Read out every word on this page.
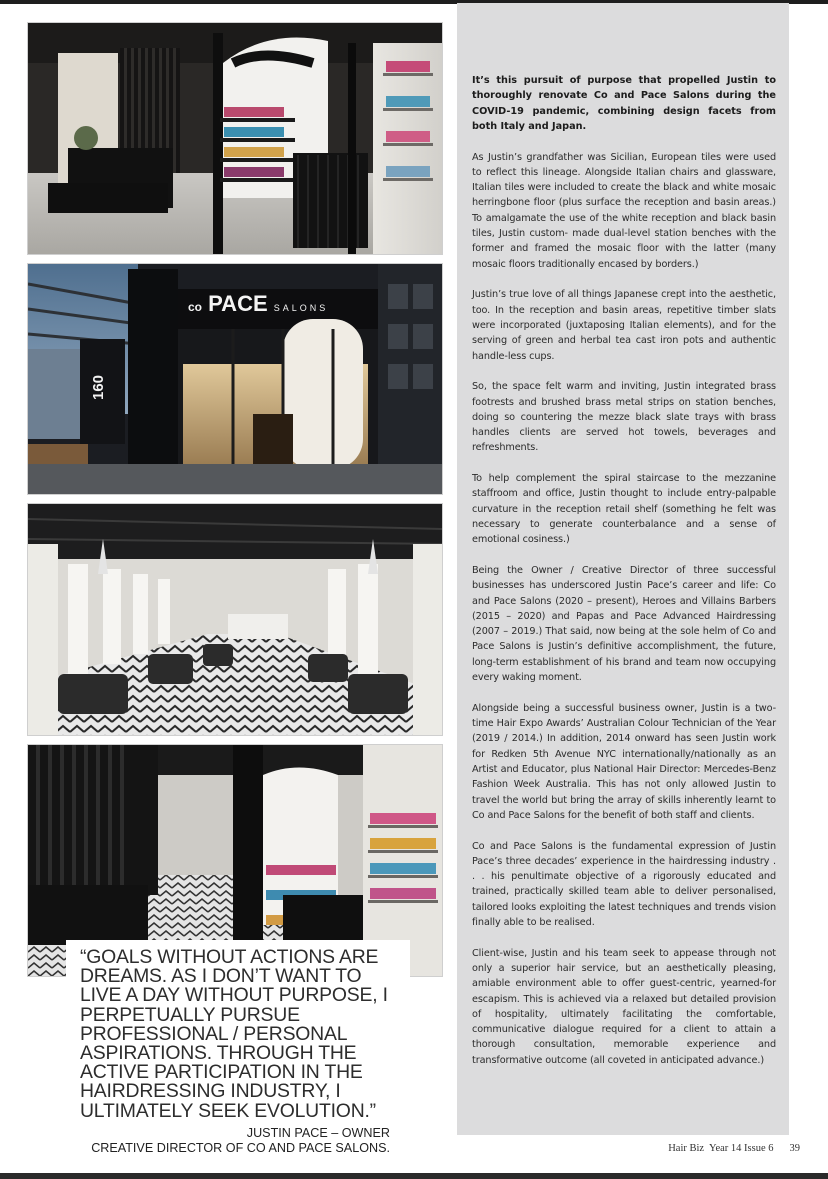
co PACE SALONS
160

“GOALS WITHOUT ACTIONS ARE DREAMS. AS I DON’T WANT TO LIVE A DAY WITHOUT PURPOSE, I PERPETUALLY PURSUE PROFESSIONAL / PERSONAL ASPIRATIONS. THROUGH THE ACTIVE PARTICIPATION IN THE HAIRDRESSING INDUSTRY, I ULTIMATELY SEEK EVOLUTION.”

JUSTIN PACE – OWNER
CREATIVE DIRECTOR OF CO AND PACE SALONS.

It’s this pursuit of purpose that propelled Justin to thoroughly renovate Co and Pace Salons during the COVID-19 pandemic, combining design facets from both Italy and Japan.

As Justin’s grandfather was Sicilian, European tiles were used to reflect this lineage. Alongside Italian chairs and glassware, Italian tiles were included to create the black and white mosaic herringbone floor (plus surface the reception and basin areas.) To amalgamate the use of the white reception and black basin tiles, Justin custom- made dual-level station benches with the former and framed the mosaic floor with the latter (many mosaic floors traditionally encased by borders.)

Justin’s true love of all things Japanese crept into the aesthetic, too. In the reception and basin areas, repetitive timber slats were incorporated (juxtaposing Italian elements), and for the serving of green and herbal tea cast iron pots and authentic handle-less cups.

So, the space felt warm and inviting, Justin integrated brass footrests and brushed brass metal strips on station benches, doing so countering the mezze black slate trays with brass handles clients are served hot towels, beverages and refreshments.

To help complement the spiral staircase to the mezzanine staffroom and office, Justin thought to include entry-palpable curvature in the reception retail shelf (something he felt was necessary to generate counterbalance and a sense of emotional cosiness.)

Being the Owner / Creative Director of three successful businesses has underscored Justin Pace’s career and life: Co and Pace Salons (2020 – present), Heroes and Villains Barbers (2015 – 2020) and Papas and Pace Advanced Hairdressing (2007 – 2019.) That said, now being at the sole helm of Co and Pace Salons is Justin’s definitive accomplishment, the future, long-term establishment of his brand and team now occupying every waking moment.

Alongside being a successful business owner, Justin is a two-time Hair Expo Awards’ Australian Colour Technician of the Year (2019 / 2014.) In addition, 2014 onward has seen Justin work for Redken 5th Avenue NYC internationally/nationally as an Artist and Educator, plus National Hair Director: Mercedes-Benz Fashion Week Australia. This has not only allowed Justin to travel the world but bring the array of skills inherently learnt to Co and Pace Salons for the benefit of both staff and clients.

Co and Pace Salons is the fundamental expression of Justin Pace’s three decades’ experience in the hairdressing industry . . . his penultimate objective of a rigorously educated and trained, practically skilled team able to deliver personalised, tailored looks exploiting the latest techniques and trends vision finally able to be realised.

Client-wise, Justin and his team seek to appease through not only a superior hair service, but an aesthetically pleasing, amiable environment able to offer guest-centric, yearned-for escapism. This is achieved via a relaxed but detailed provision of hospitality, ultimately facilitating the comfortable, communicative dialogue required for a client to attain a thorough consultation, memorable experience and transformative outcome (all coveted in anticipated advance.)

Hair Biz  Year 14 Issue 6 39
